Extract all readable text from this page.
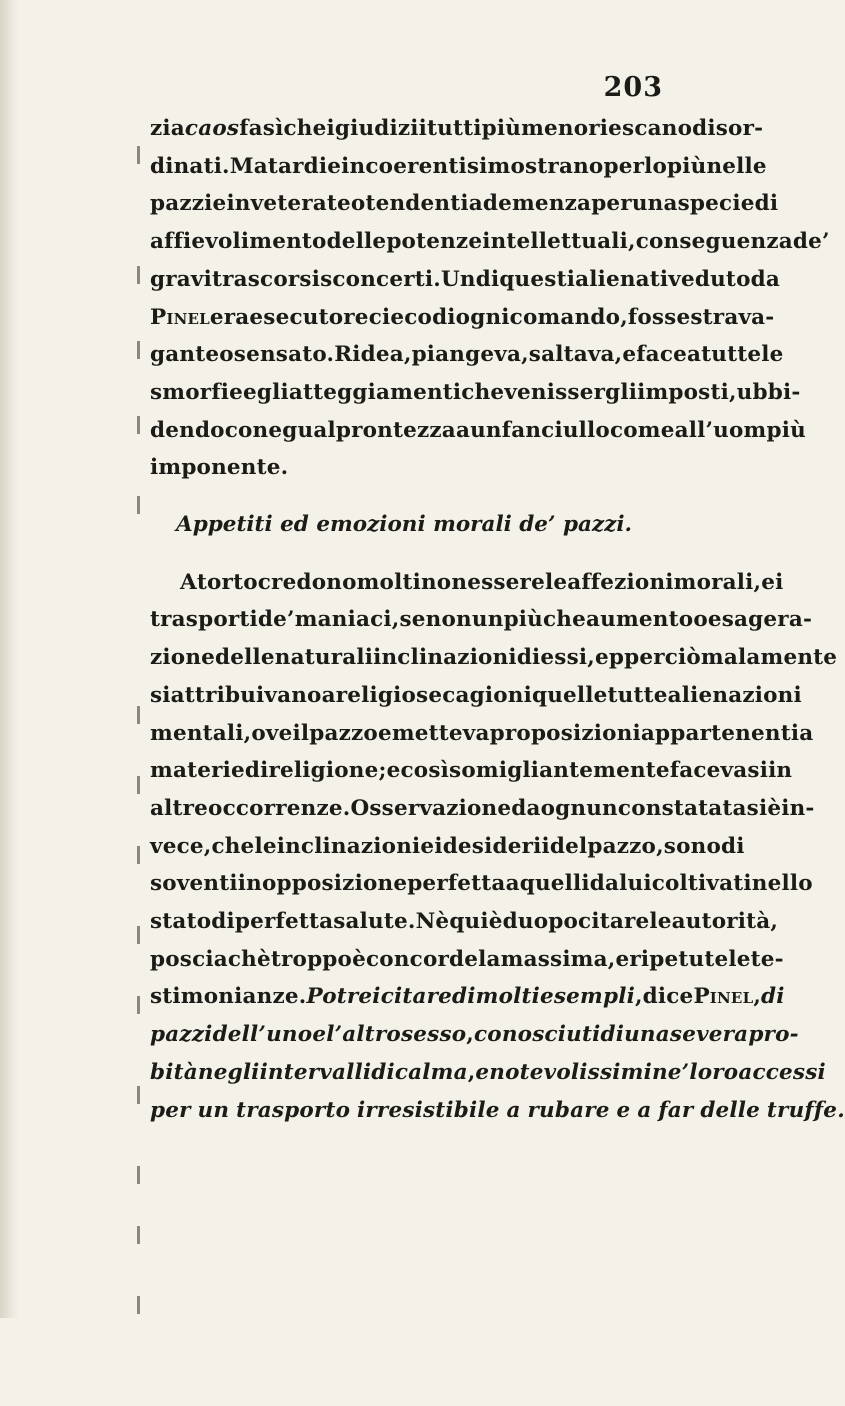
203
zia caos fa sì che i giudizii tutti più meno riescano disor-
dinati. Ma tardi e incoerenti si mostrano per lo più nelle
pazzie inveterate o tendenti a demenza per una specie di
affievolimento delle potenze intellettuali , conseguenza de’
gravi trascorsi sconcerti. Un di questi alienati veduto da
Pinel era esecutore cieco di ogni comando , fosse strava-
gante o sensato. Ridea, piangeva , saltava , e facea tutte le
smorfie e gli atteggiamenti che venissergli imposti , ubbi-
dendo con egual prontezza a un fanciullo come all’uom più
imponente.
Appetiti ed emozioni morali de’ pazzi.
A torto credono molti non essere le affezioni morali , e i
trasporti de’ maniaci, se non un più che aumento o esagera-
zione delle naturali inclinazioni di essi, epperciò malamente
si attribuivano a religiose cagioni quelle tutte alienazioni
mentali, ove il pazzo emetteva proposizioni appartenenti a
materie di religione ; e così somigliantemente facevasi in
altre occorrenze. Osservazione da ognun constatata si è in-
vece , che le inclinazioni e i desiderii del pazzo , sono di
soventi in opposizione perfetta a quelli da lui coltivati nello
stato di perfetta salute. Nè qui è duopo citare le autorità,
posciachè troppo è concorde la massima, e ripetute le te-
stimonianze. Potrei citare di molti esempli , dice Pinel , di
pazzi dell’uno e l’altro sesso , conosciuti di una severa pro-
bità negli intervalli di calma , e notevolissimi ne’ loro accessi
per un trasporto irresistibile a rubare e a far delle truffe.
